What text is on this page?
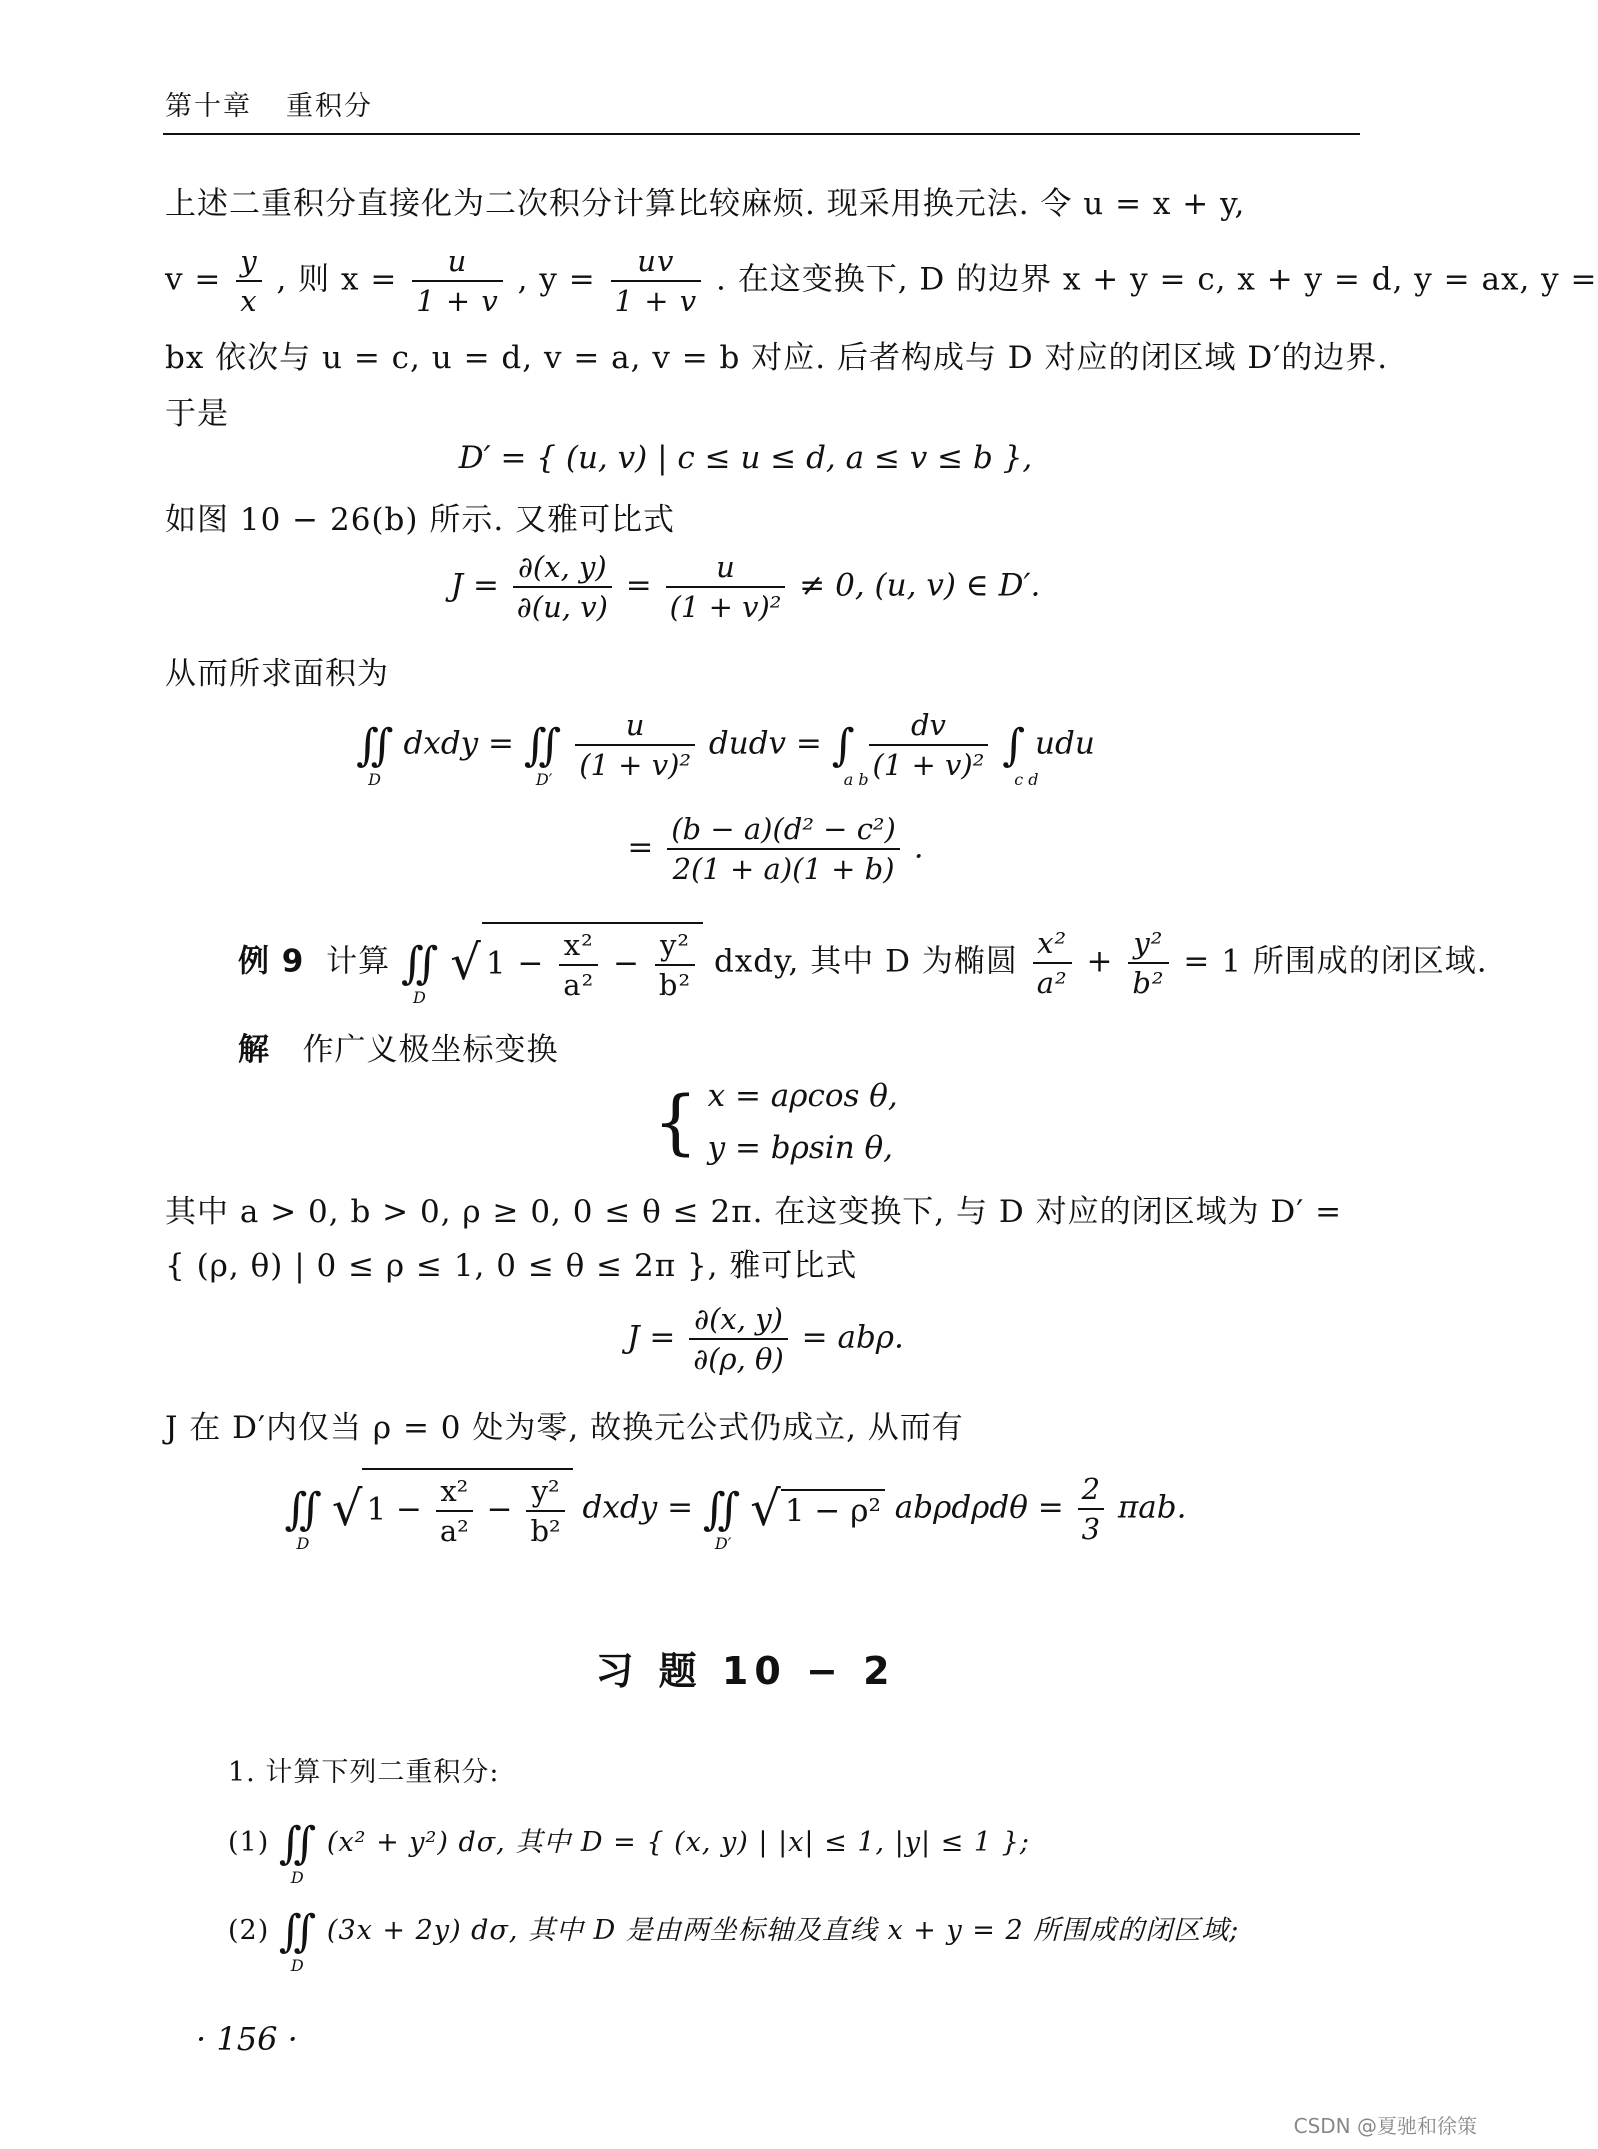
第十章 重积分
上述二重积分直接化为二次积分计算比较麻烦. 现采用换元法. 令 u = x + y,
$v = \frac{y}{x}$ , 则 $x = \frac{u}{1 + v}$ , $y = \frac{uv}{1 + v}$ . 在这变换下, D 的边界 x + y = c, x + y = d, y = ax, y =
bx 依次与 u = c, u = d, v = a, v = b 对应. 后者构成与 D 对应的闭区域 D′的边界.
于是
D′ = { (u, v) | c ≤ u ≤ d, a ≤ v ≤ b },
如图 10 − 26(b) 所示. 又雅可比式
$J = \frac{\partial(x, y)}{\partial(u, v)} = \frac{u}{\text{(1 + v)²}} \ne 0$, (u, v) ∈ D′.
从而所求面积为
∬
D
dxdy = ∬
D′
$\frac{u}{\text{(1 + v)²}}$ dudv = ∫
a b
$\frac{dv}{\text{(1 + v)²}}$ ∫
c d
udu
= $\frac{\text{(b − a)(d² − c²)}}{2(1 + a)(1 + b)}$ .
例 9 计算 ∬
D
√ $1 - \frac{\text{x²}}{\text{a²}} - \frac{\text{y²}}{\text{b²}}$ dxdy, 其中 D 为椭圆 $\frac{\text{x²}}{\text{a²}} + \frac{\text{y²}}{\text{b²}} = 1$ 所围成的闭区域.
解 作广义极坐标变换
{ x = aρcos θ,
y = bρsin θ,
其中 a > 0, b > 0, ρ ≥ 0, 0 ≤ θ ≤ 2π. 在这变换下, 与 D 对应的闭区域为 D′ =
{ (ρ, θ) | 0 ≤ ρ ≤ 1, 0 ≤ θ ≤ 2π }, 雅可比式
$J = \frac{\partial(x, y)}{\partial(\rho, \theta)} = ab\rho$.
J 在 D′内仅当 ρ = 0 处为零, 故换元公式仍成立, 从而有
∬
D
√ $1 - \frac{\text{x²}}{\text{a²}} - \frac{\text{y²}}{\text{b²}}$ dxdy = ∬
D′
√ 1 − ρ² $ab\rho d\rho d\theta = \frac{2}{3} \pi ab$.
习 题 10 − 2
1. 计算下列二重积分:
(1) ∬
D
(x² + y²) dσ, 其中 D = { (x, y) | |x| ≤ 1, |y| ≤ 1 };
(2) ∬
D
(3x + 2y) dσ, 其中 D 是由两坐标轴及直线 x + y = 2 所围成的闭区域;
· 156 ·
CSDN @夏驰和徐策
